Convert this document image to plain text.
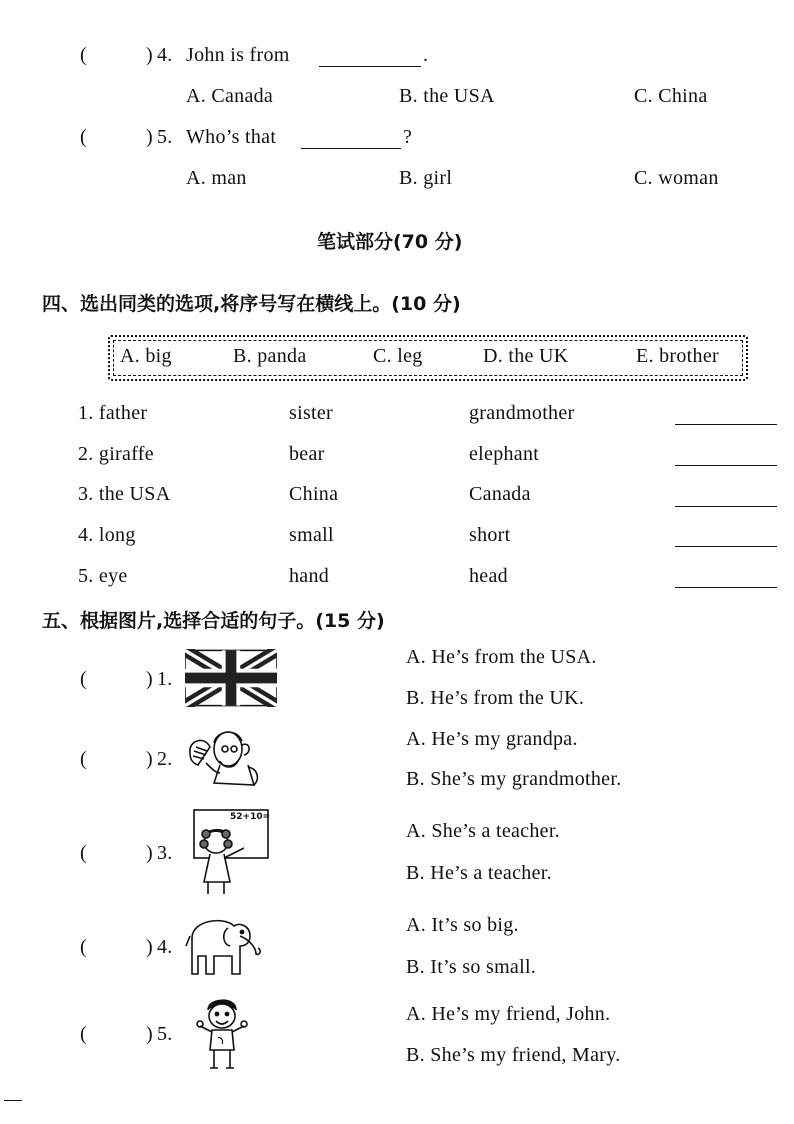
(	) 4. John is from	.
A. Canada	B. the USA	C. China
(	) 5. Who’s that	?
A. man	B. girl	C. woman
笔试部分(70 分)
四、选出同类的选项,将序号写在横线上。(10 分)
A. big	B. panda	C. leg	D. the UK	E. brother
1. father	sister	grandmother
2. giraffe	bear	elephant
3. the USA	China	Canada
4. long	small	short
5. eye	hand	head
五、根据图片,选择合适的句子。(15 分)
(	) 1.
A. He’s from the USA.
B. He’s from the UK.
(	) 2.
A. He’s my grandpa.
B. She’s my grandmother.
(	) 3.
52+10=
A. She’s a teacher.
B. He’s a teacher.
(	) 4.
A. It’s so big.
B. It’s so small.
(	) 5.
A. He’s my friend, John.
B. She’s my friend, Mary.
